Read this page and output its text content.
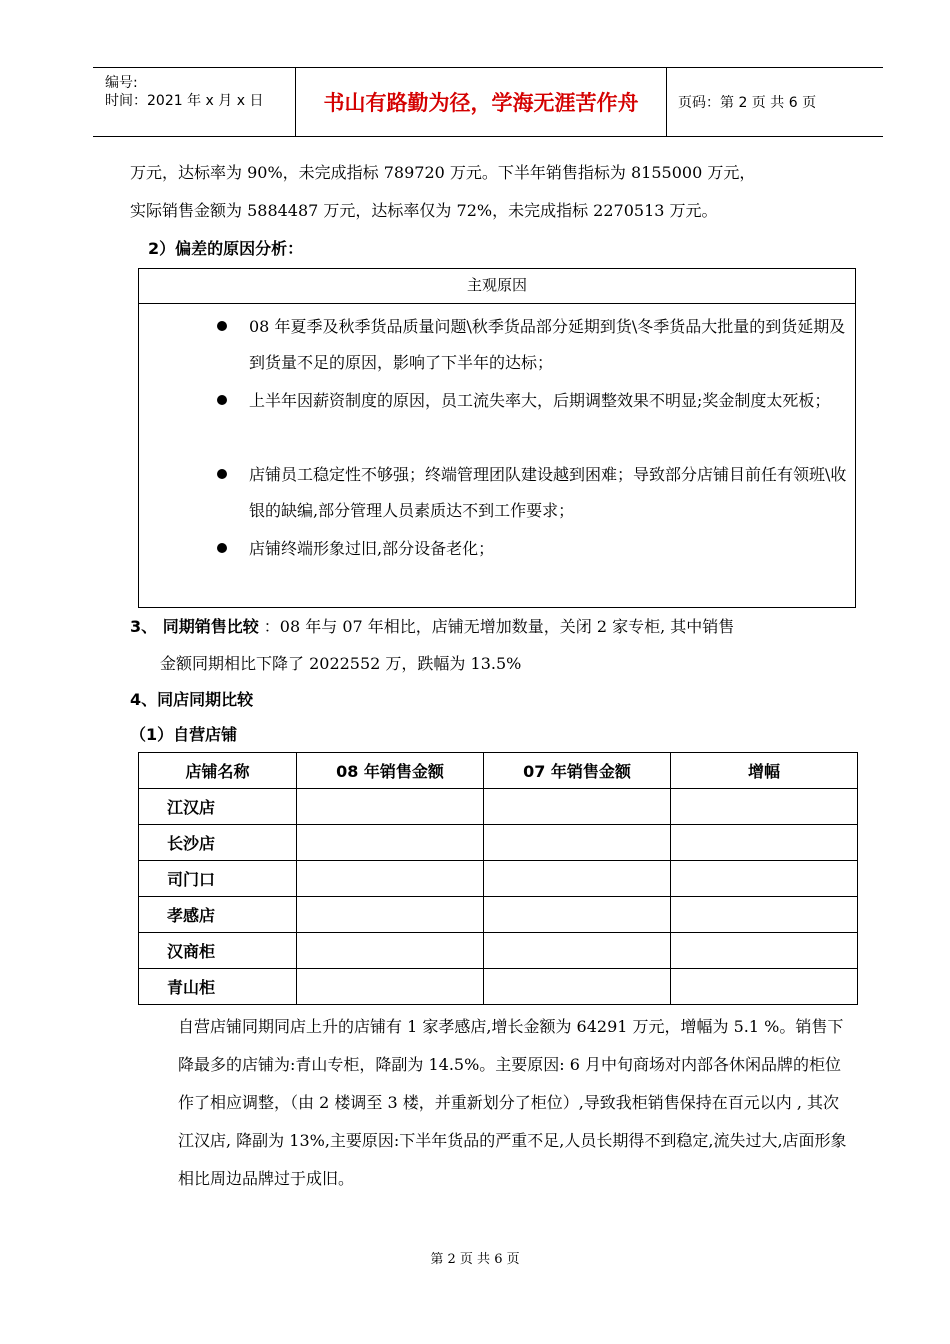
编号:
时间：2021 年 x 月 x 日	书山有路勤为径，学海无涯苦作舟	页码：第 2 页 共 6 页
万元，达标率为 90%，未完成指标 789720 万元。下半年销售指标为 8155000 万元，
实际销售金额为 5884487 万元，达标率仅为 72%，未完成指标 2270513 万元。
2）偏差的原因分析：
主观原因
08 年夏季及秋季货品质量问题\秋季货品部分延期到货\冬季货品大批量的到货延期及到货量不足的原因，影响了下半年的达标；
上半年因薪资制度的原因，员工流失率大，后期调整效果不明显;奖金制度太死板；
店铺员工稳定性不够强；终端管理团队建设越到困难；导致部分店铺目前任有领班\收银的缺编,部分管理人员素质达不到工作要求；
店铺终端形象过旧,部分设备老化；
3、 同期销售比较 ：08 年与 07 年相比，店铺无增加数量，关闭 2 家专柜, 其中销售
金额同期相比下降了 2022552 万，跌幅为 13.5%
4、同店同期比较
（1）自营店铺
店铺名称	08 年销售金额	07 年销售金额	增幅
江汉店			
长沙店			
司门口			
孝感店			
汉商柜			
青山柜			
自营店铺同期同店上升的店铺有 1 家孝感店,增长金额为 64291 万元，增幅为 5.1 %。销售下降最多的店铺为:青山专柜，降副为 14.5%。主要原因: 6 月中旬商场对内部各休闲品牌的柜位作了相应调整，（由 2 楼调至 3 楼，并重新划分了柜位）,导致我柜销售保持在百元以内 , 其次江汉店, 降副为 13%,主要原因:下半年货品的严重不足,人员长期得不到稳定,流失过大,店面形象相比周边品牌过于成旧。
第 2 页 共 6 页
